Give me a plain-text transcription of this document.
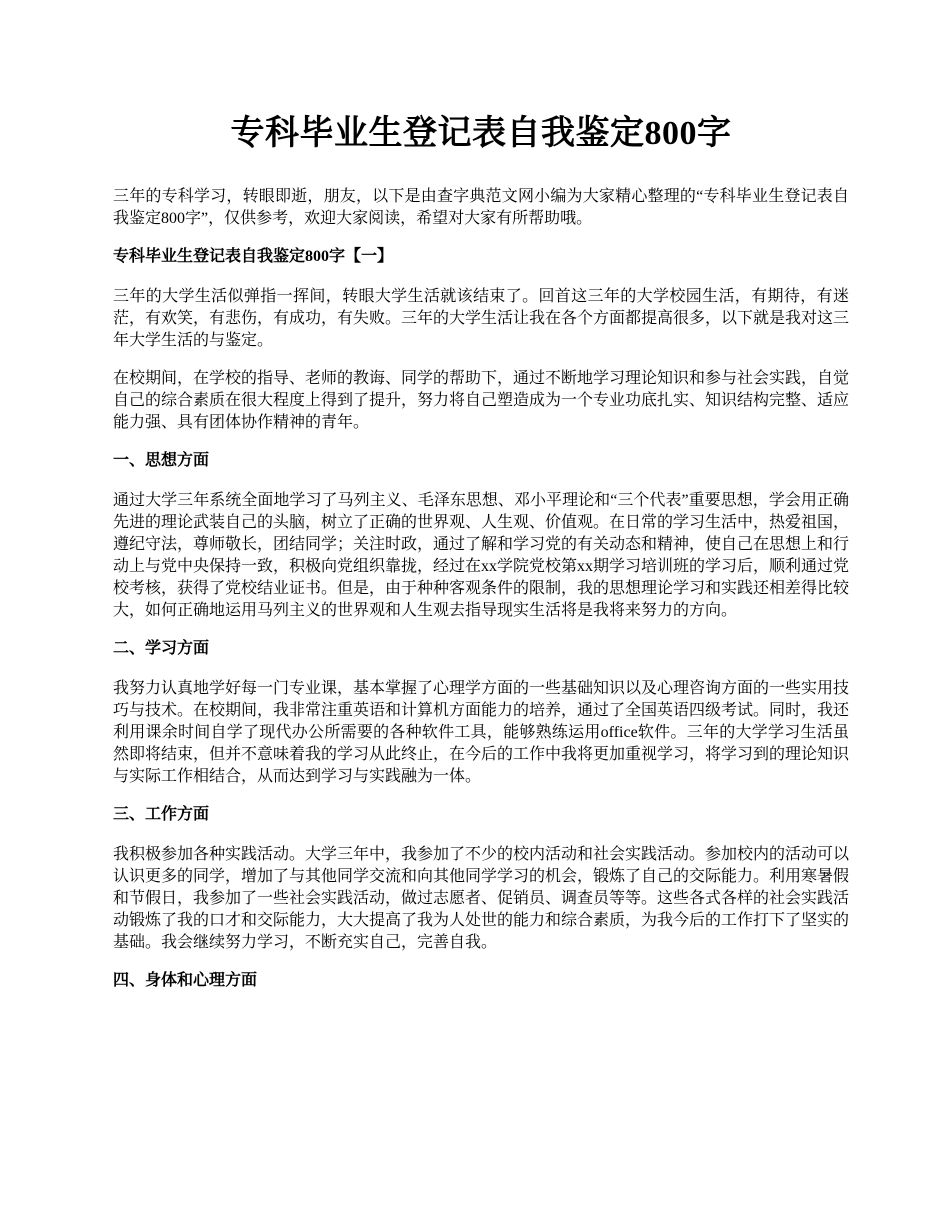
专科毕业生登记表自我鉴定800字

三年的专科学习，转眼即逝，朋友，以下是由查字典范文网小编为大家精心整理的“专科毕业生登记表自我鉴定800字”，仅供参考，欢迎大家阅读，希望对大家有所帮助哦。

专科毕业生登记表自我鉴定800字【一】

三年的大学生活似弹指一挥间，转眼大学生活就该结束了。回首这三年的大学校园生活，有期待，有迷茫，有欢笑，有悲伤，有成功，有失败。三年的大学生活让我在各个方面都提高很多，以下就是我对这三年大学生活的与鉴定。

在校期间，在学校的指导、老师的教诲、同学的帮助下，通过不断地学习理论知识和参与社会实践，自觉自己的综合素质在很大程度上得到了提升，努力将自己塑造成为一个专业功底扎实、知识结构完整、适应能力强、具有团体协作精神的青年。

一、思想方面

通过大学三年系统全面地学习了马列主义、毛泽东思想、邓小平理论和“三个代表”重要思想，学会用正确先进的理论武装自己的头脑，树立了正确的世界观、人生观、价值观。在日常的学习生活中，热爱祖国，遵纪守法，尊师敬长，团结同学；关注时政，通过了解和学习党的有关动态和精神，使自己在思想上和行动上与党中央保持一致，积极向党组织靠拢，经过在xx学院党校第xx期学习培训班的学习后，顺利通过党校考核，获得了党校结业证书。但是，由于种种客观条件的限制，我的思想理论学习和实践还相差得比较大，如何正确地运用马列主义的世界观和人生观去指导现实生活将是我将来努力的方向。

二、学习方面

我努力认真地学好每一门专业课，基本掌握了心理学方面的一些基础知识以及心理咨询方面的一些实用技巧与技术。在校期间，我非常注重英语和计算机方面能力的培养，通过了全国英语四级考试。同时，我还利用课余时间自学了现代办公所需要的各种软件工具，能够熟练运用office软件。三年的大学学习生活虽然即将结束，但并不意味着我的学习从此终止，在今后的工作中我将更加重视学习，将学习到的理论知识与实际工作相结合，从而达到学习与实践融为一体。

三、工作方面

我积极参加各种实践活动。大学三年中，我参加了不少的校内活动和社会实践活动。参加校内的活动可以认识更多的同学，增加了与其他同学交流和向其他同学学习的机会，锻炼了自己的交际能力。利用寒暑假和节假日，我参加了一些社会实践活动，做过志愿者、促销员、调查员等等。这些各式各样的社会实践活动锻炼了我的口才和交际能力，大大提高了我为人处世的能力和综合素质，为我今后的工作打下了坚实的基础。我会继续努力学习，不断充实自己，完善自我。

四、身体和心理方面
